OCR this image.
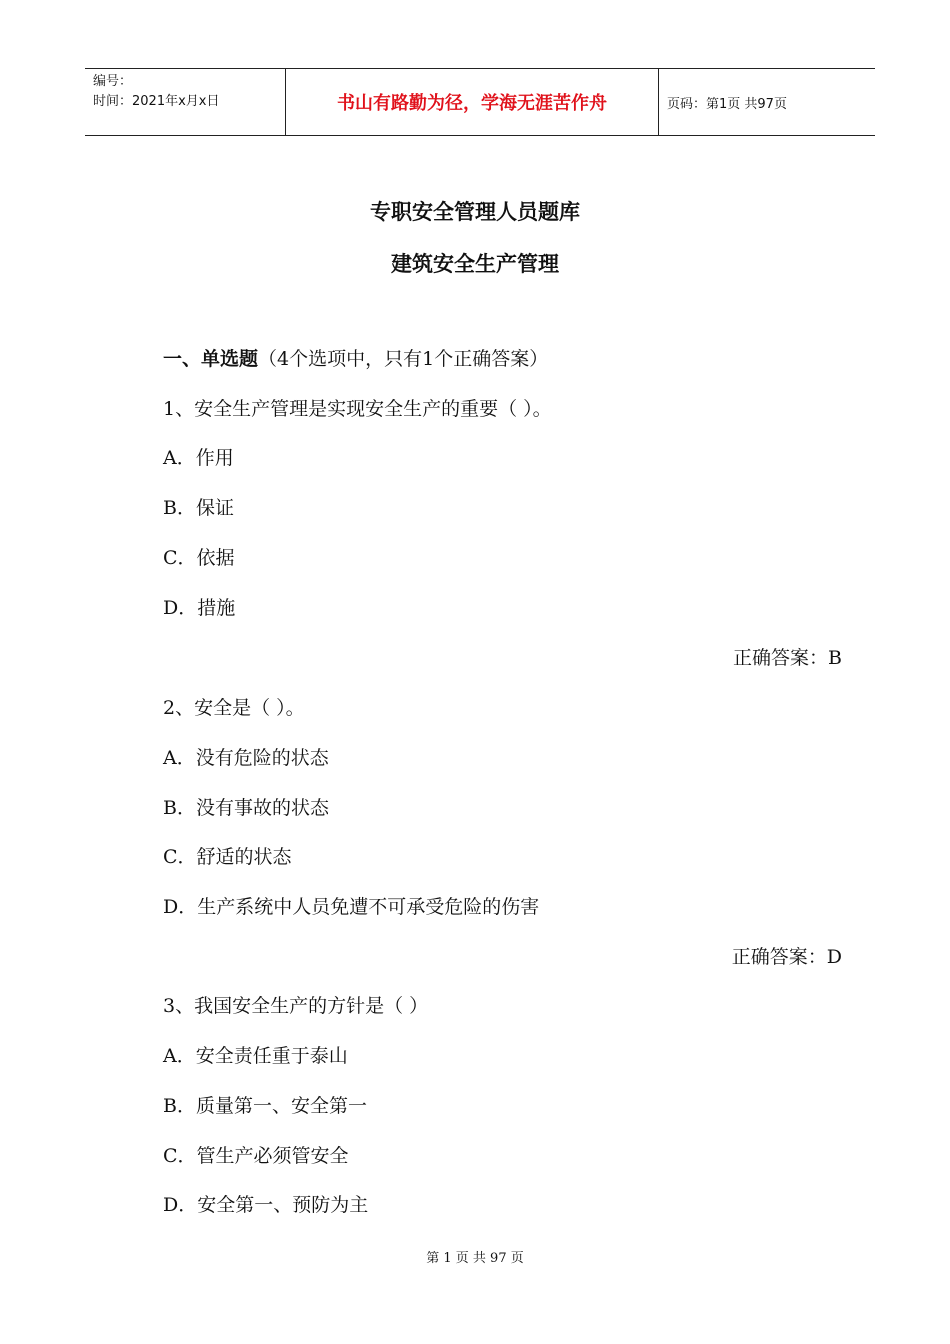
编号：
时间：2021年x月x日	书山有路勤为径，学海无涯苦作舟	页码：第1页 共97页
专职安全管理人员题库
建筑安全生产管理
一、单选题（4个选项中，只有1个正确答案）
1、安全生产管理是实现安全生产的重要（ ）。
A．作用
B．保证
C．依据
D．措施
正确答案：B
2、安全是（ ）。
A．没有危险的状态
B．没有事故的状态
C．舒适的状态
D．生产系统中人员免遭不可承受危险的伤害
正确答案：D
3、我国安全生产的方针是（ ）
A．安全责任重于泰山
B．质量第一、安全第一
C．管生产必须管安全
D．安全第一、预防为主
第 1 页 共 97 页
